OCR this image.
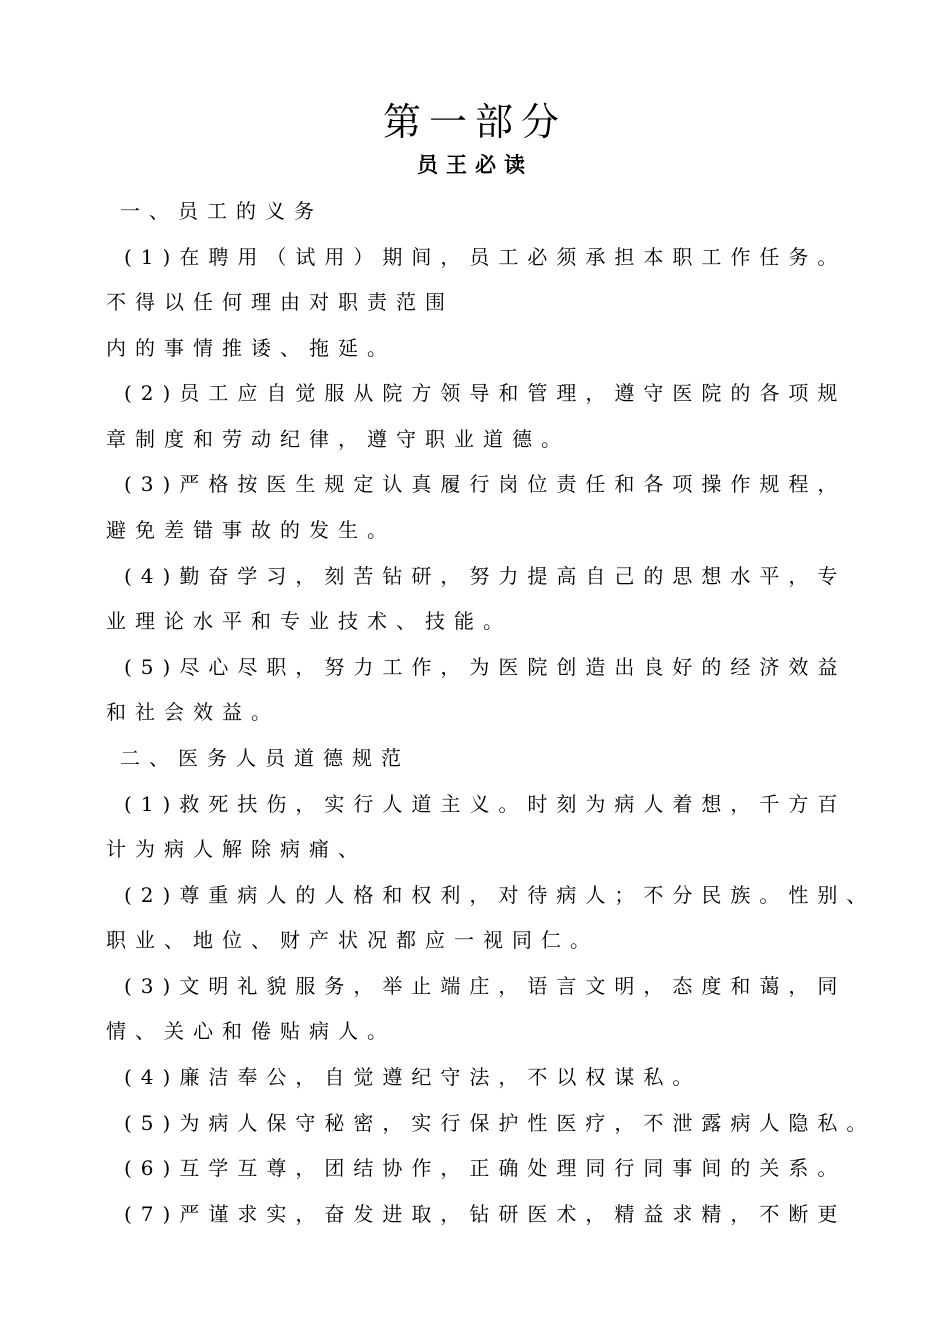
第一部分
员王必读
一、员工的义务
(1)在聘用（试用）期间，员工必须承担本职工作任务。
不得以任何理由对职责范围
内的事情推诿、拖延。
(2)员工应自觉服从院方领导和管理，遵守医院的各项规
章制度和劳动纪律，遵守职业道德。
(3)严格按医生规定认真履行岗位责任和各项操作规程，
避免差错事故的发生。
(4)勤奋学习，刻苦钻研，努力提高自己的思想水平，专
业理论水平和专业技术、技能。
(5)尽心尽职，努力工作，为医院创造出良好的经济效益
和社会效益。
二、医务人员道德规范
(1)救死扶伤，实行人道主义。时刻为病人着想，千方百
计为病人解除病痛、
(2)尊重病人的人格和权利，对待病人；不分民族。性别、
职业、地位、财产状况都应一视同仁。
(3)文明礼貌服务，举止端庄，语言文明，态度和蔼，同
情、关心和倦贴病人。
(4)廉洁奉公，自觉遵纪守法，不以权谋私。
(5)为病人保守秘密，实行保护性医疗，不泄露病人隐私。
(6)互学互尊，团结协作，正确处理同行同事间的关系。
(7)严谨求实，奋发进取，钻研医术，精益求精，不断更
